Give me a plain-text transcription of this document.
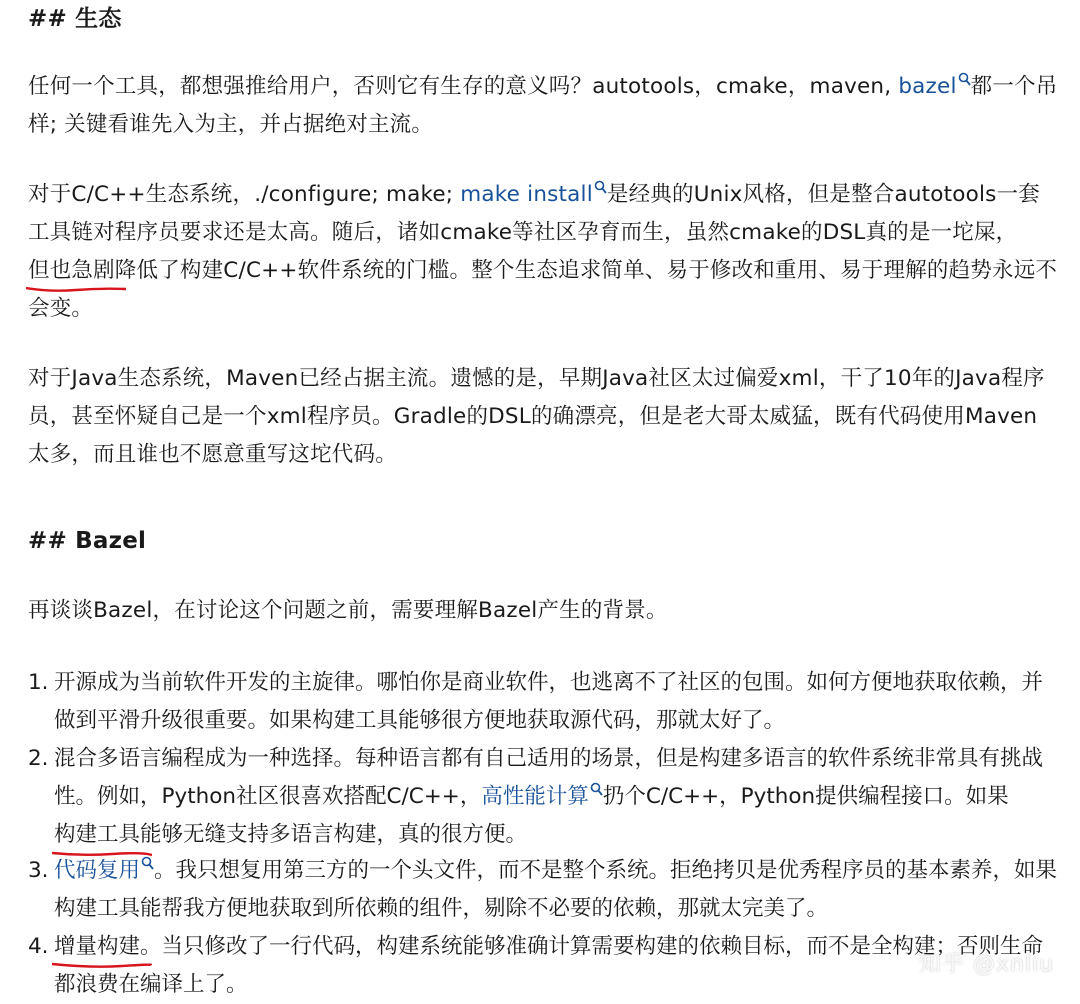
## 生态
任何一个工具，都想强推给用户，否则它有生存的意义吗？autotools，cmake，maven, bazel 都一个吊样; 关键看谁先入为主，并占据绝对主流。
对于C/C++生态系统，./configure; make; make install 是经典的Unix风格，但是整合autotools一套工具链对程序员要求还是太高。随后，诸如cmake等社区孕育而生，虽然cmake的DSL真的是一坨屎，但也急剧降低了构建C/C++软件系统的门槛
。整个生态追求简单、易于修改和重用、易于理解的趋势永远不会变。
对于Java生态系统，Maven已经占据主流。遗憾的是，早期Java社区太过偏爱xml，干了10年的Java程序员，甚至怀疑自己是一个xml程序员。Gradle的DSL的确漂亮，但是老大哥太威猛，既有代码使用Maven太多，而且谁也不愿意重写这坨代码。
## Bazel
再谈谈Bazel，在讨论这个问题之前，需要理解Bazel产生的背景。
1. 开源成为当前软件开发的主旋律。哪怕你是商业软件，也逃离不了社区的包围。如何方便地获取依赖，并做到平滑升级很重要。如果构建工具能够很方便地获取源代码，那就太好了。
2. 混合多语言编程成为一种选择。每种语言都有自己适用的场景，但是构建多语言的软件系统非常具有挑战性。例如，Python社区很喜欢搭配C/C++，高性能计算 扔个C/C++，Python提供编程接口。如果构建工具能够无缝支持多语言构建，真的很
方便。
3. 代码复用 。我只想复用第三方的一个头文件，而不是整个系统。拒绝拷贝是优秀程序员的基本素养，如果构建工具能帮我方便地获取到所依赖的组件，剔除不必要的依赖，那就太完美了。
4. 增量构建。
当只修改了一行代码，构建系统能够准确计算需要构建的依赖目标，而不是全构建；否则生命都浪费在编译上了。
知乎 @xnliu
